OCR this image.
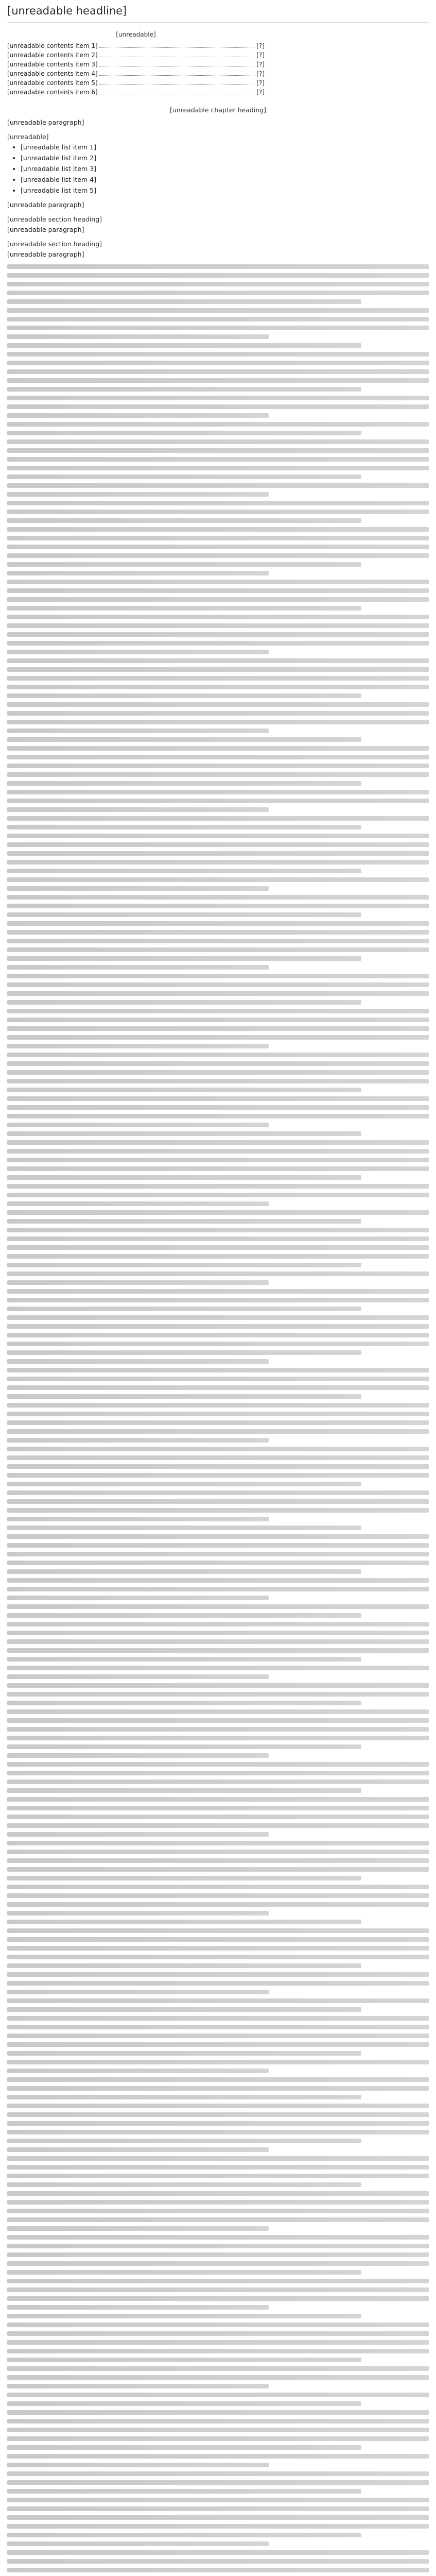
[unreadable headline]
[unreadable]
[unreadable contents item 1]	[?]
[unreadable contents item 2]	[?]
[unreadable contents item 3]	[?]
[unreadable contents item 4]	[?]
[unreadable contents item 5]	[?]
[unreadable contents item 6]	[?]
[unreadable chapter heading]

[unreadable paragraph]

[unreadable]
• [unreadable list item 1]
• [unreadable list item 2]
• [unreadable list item 3]
• [unreadable list item 4]
• [unreadable list item 5]

[unreadable paragraph]

[unreadable section heading]

[unreadable paragraph]

[unreadable section heading]

[unreadable paragraph]
